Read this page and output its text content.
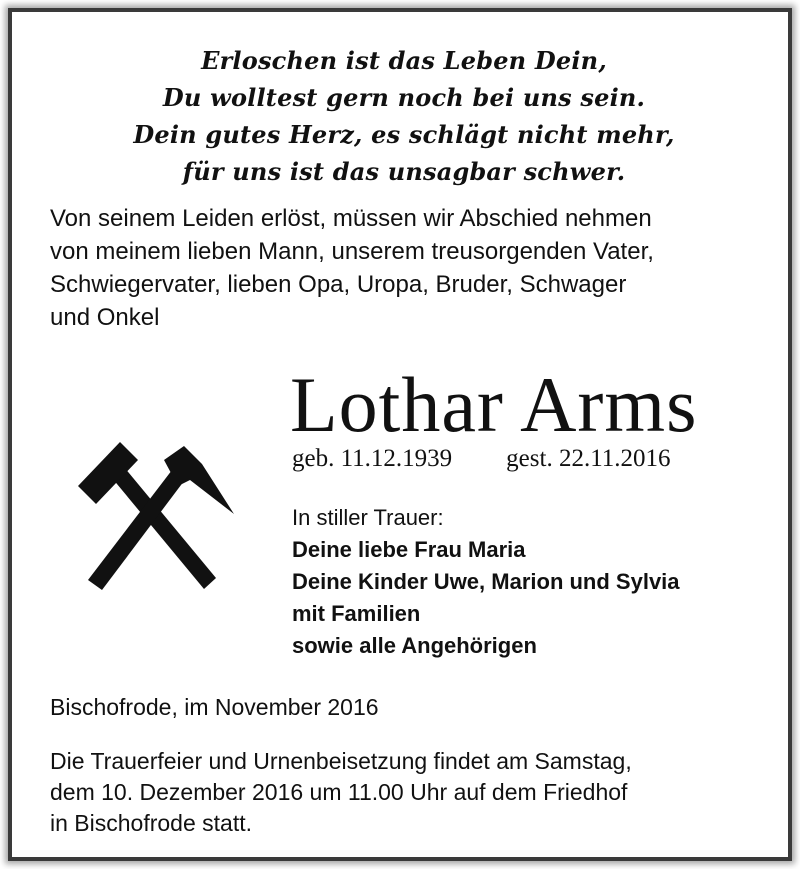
Erloschen ist das Leben Dein,
Du wolltest gern noch bei uns sein.
Dein gutes Herz, es schlägt nicht mehr,
für uns ist das unsagbar schwer.
Von seinem Leiden erlöst, müssen wir Abschied nehmen
von meinem lieben Mann, unserem treusorgenden Vater,
Schwiegervater, lieben Opa, Uropa, Bruder, Schwager
und Onkel
Lothar Arms
geb. 11.12.1939 gest. 22.11.2016
In stiller Trauer:
Deine liebe Frau Maria
Deine Kinder Uwe, Marion und Sylvia
mit Familien
sowie alle Angehörigen
Bischofrode, im November 2016
Die Trauerfeier und Urnenbeisetzung findet am Samstag,
dem 10. Dezember 2016 um 11.00 Uhr auf dem Friedhof
in Bischofrode statt.
